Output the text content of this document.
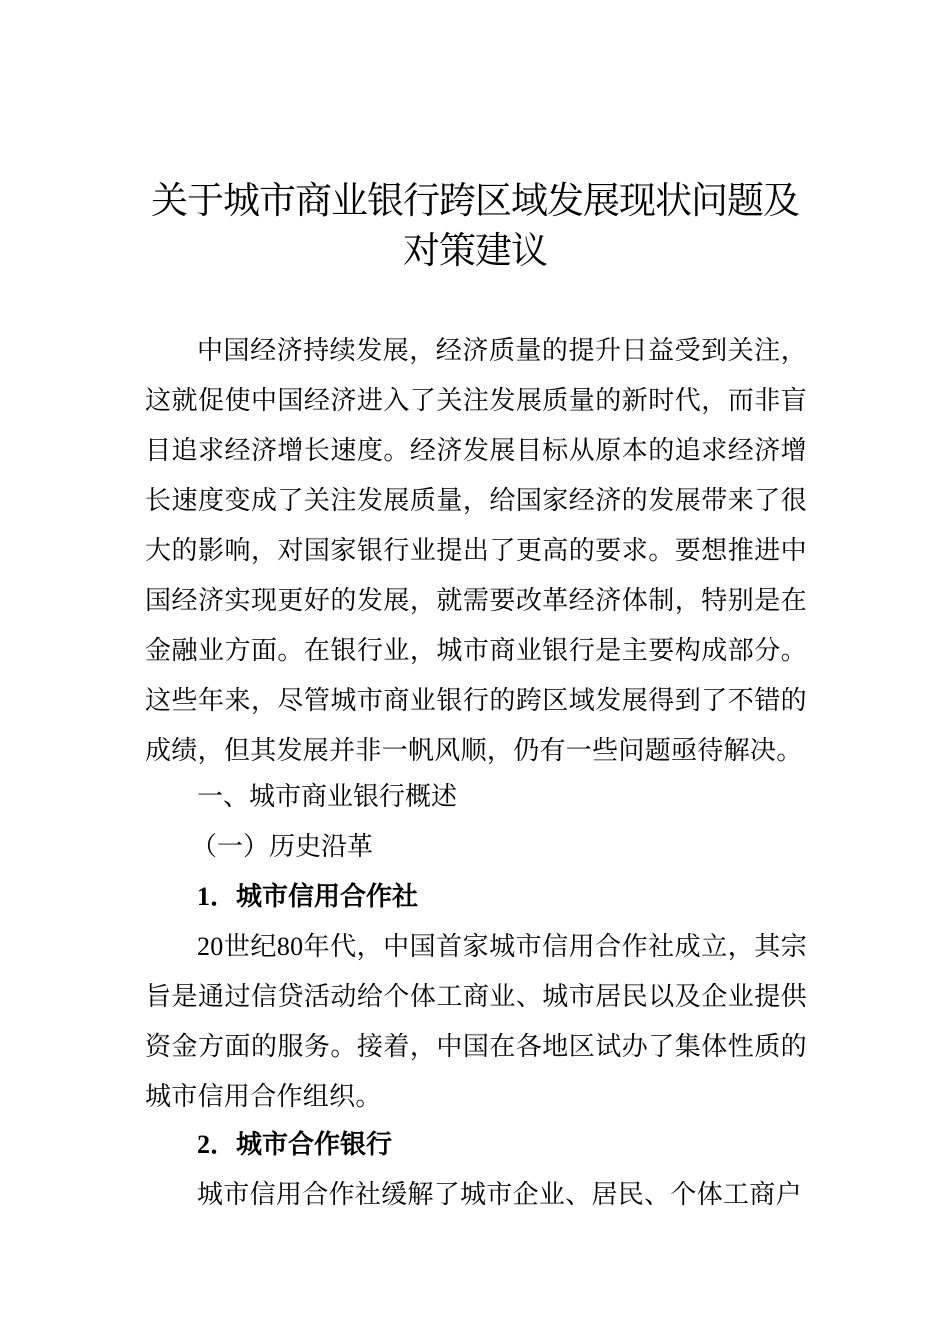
关于城市商业银行跨区域发展现状问题及对策建议

中国经济持续发展，经济质量的提升日益受到关注，这就促使中国经济进入了关注发展质量的新时代，而非盲目追求经济增长速度。经济发展目标从原本的追求经济增长速度变成了关注发展质量，给国家经济的发展带来了很大的影响，对国家银行业提出了更高的要求。要想推进中国经济实现更好的发展，就需要改革经济体制，特别是在金融业方面。在银行业，城市商业银行是主要构成部分。这些年来，尽管城市商业银行的跨区域发展得到了不错的成绩，但其发展并非一帆风顺，仍有一些问题亟待解决。

一、城市商业银行概述

（一）历史沿革

1．城市信用合作社

20世纪80年代，中国首家城市信用合作社成立，其宗旨是通过信贷活动给个体工商业、城市居民以及企业提供资金方面的服务。接着，中国在各地区试办了集体性质的城市信用合作组织。

2．城市合作银行

城市信用合作社缓解了城市企业、居民、个体工商户
